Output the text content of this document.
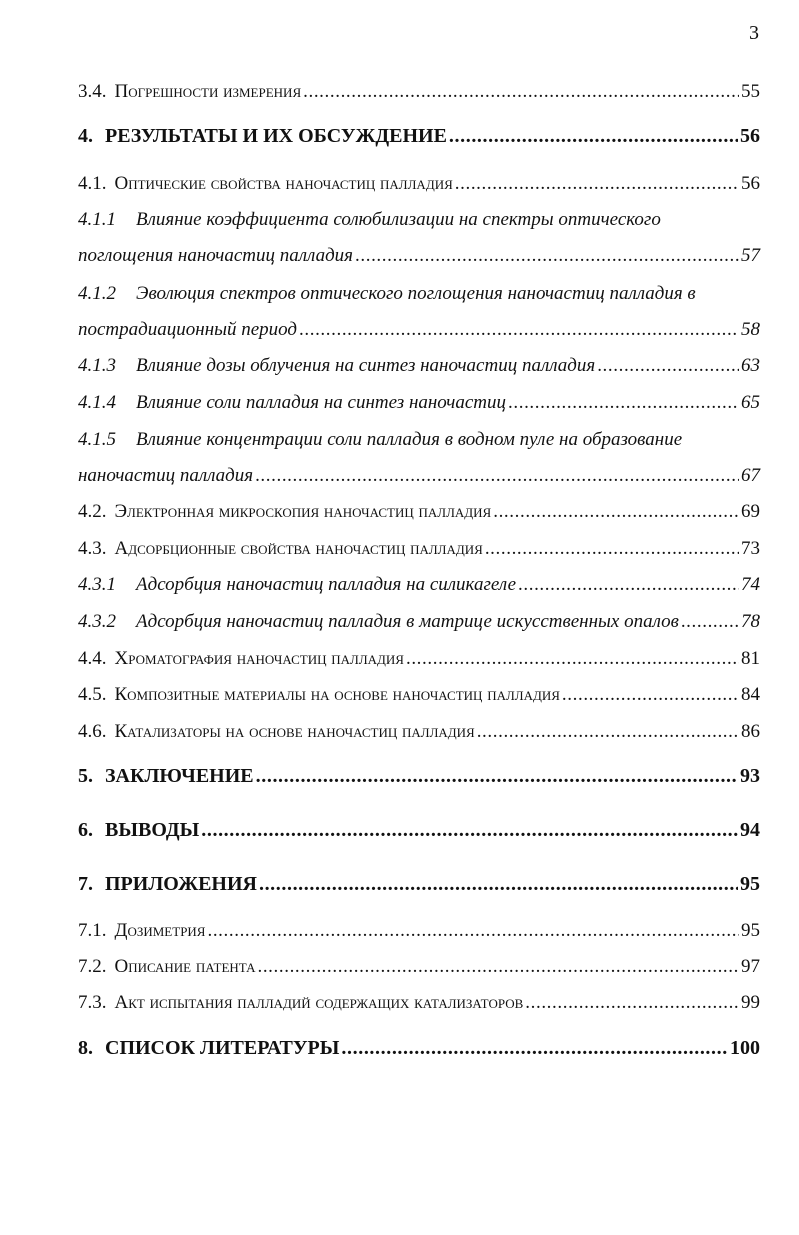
3
3.4. Погрешности измерения .....	55
4. РЕЗУЛЬТАТЫ И ИХ ОБСУЖДЕНИЕ .....	56
4.1. Оптические свойства наночастиц палладия .....	56
4.1.1 Влияние коэффициента солюбилизации на спектры оптического
поглощения наночастиц палладия .....	57
4.1.2 Эволюция спектров оптического поглощения наночастиц палладия в
пострадиационный период .....	58
4.1.3 Влияние дозы облучения на синтез наночастиц палладия .....	63
4.1.4 Влияние соли палладия на синтез наночастиц .....	65
4.1.5 Влияние концентрации соли палладия в водном пуле на образование
наночастиц палладия .....	67
4.2. Электронная микроскопия наночастиц палладия .....	69
4.3. Адсорбционные свойства наночастиц палладия .....	73
4.3.1 Адсорбция наночастиц палладия на силикагеле .....	74
4.3.2 Адсорбция наночастиц палладия в матрице искусственных опалов .....	78
4.4. Хроматография наночастиц палладия .....	81
4.5. Композитные материалы на основе наночастиц палладия .....	84
4.6. Катализаторы на основе наночастиц палладия .....	86
5. ЗАКЛЮЧЕНИЕ .....	93
6. ВЫВОДЫ .....	94
7. ПРИЛОЖЕНИЯ .....	95
7.1. Дозиметрия .....	95
7.2. Описание патента .....	97
7.3. Акт испытания палладий содержащих катализаторов .....	99
8. СПИСОК ЛИТЕРАТУРЫ .....	100
